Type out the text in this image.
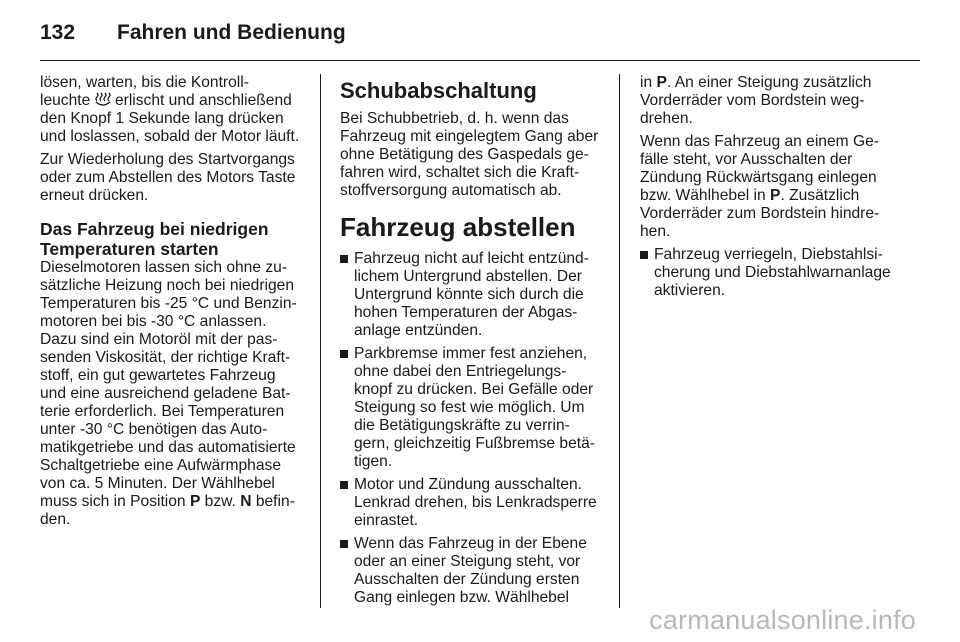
132	Fahren und Bedienung

lösen, warten, bis die Kontroll-
leuchte  erlischt und anschließend
den Knopf 1 Sekunde lang drücken
und loslassen, sobald der Motor läuft.

Zur Wiederholung des Startvorgangs
oder zum Abstellen des Motors Taste
erneut drücken.

Das Fahrzeug bei niedrigen
Temperaturen starten

Dieselmotoren lassen sich ohne zu-
sätzliche Heizung noch bei niedrigen
Temperaturen bis -25 °C und Benzin-
motoren bei bis -30 °C anlassen.
Dazu sind ein Motoröl mit der pas-
senden Viskosität, der richtige Kraft-
stoff, ein gut gewartetes Fahrzeug
und eine ausreichend geladene Bat-
terie erforderlich. Bei Temperaturen
unter -30 °C benötigen das Auto-
matikgetriebe und das automatisierte
Schaltgetriebe eine Aufwärmphase
von ca. 5 Minuten. Der Wählhebel
muss sich in Position P bzw. N befin-
den.

Schubabschaltung

Bei Schubbetrieb, d. h. wenn das
Fahrzeug mit eingelegtem Gang aber
ohne Betätigung des Gaspedals ge-
fahren wird, schaltet sich die Kraft-
stoffversorgung automatisch ab.

Fahrzeug abstellen
Fahrzeug nicht auf leicht entzünd-
lichem Untergrund abstellen. Der
Untergrund könnte sich durch die
hohen Temperaturen der Abgas-
anlage entzünden.
Parkbremse immer fest anziehen,
ohne dabei den Entriegelungs-
knopf zu drücken. Bei Gefälle oder
Steigung so fest wie möglich. Um
die Betätigungskräfte zu verrin-
gern, gleichzeitig Fußbremse betä-
tigen.
Motor und Zündung ausschalten.
Lenkrad drehen, bis Lenkradsperre
einrastet.
Wenn das Fahrzeug in der Ebene
oder an einer Steigung steht, vor
Ausschalten der Zündung ersten
Gang einlegen bzw. Wählhebel

in P. An einer Steigung zusätzlich
Vorderräder vom Bordstein weg-
drehen.

Wenn das Fahrzeug an einem Ge-
fälle steht, vor Ausschalten der
Zündung Rückwärtsgang einlegen
bzw. Wählhebel in P. Zusätzlich
Vorderräder zum Bordstein hindre-
hen.

Fahrzeug verriegeln, Diebstahlsi-
cherung und Diebstahlwarnanlage
aktivieren.
carmanualsonline.info
